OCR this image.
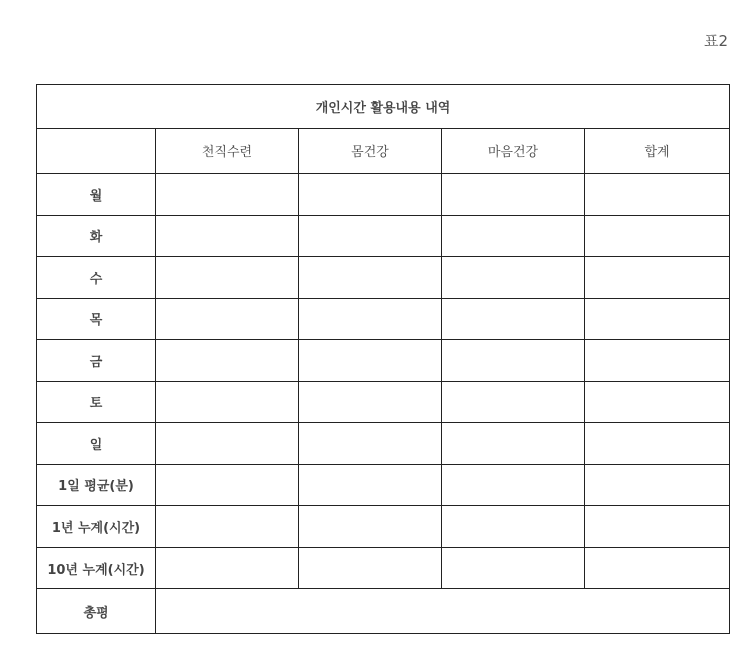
표2
개인시간 활용내용 내역				
	천직수련	몸건강	마음건강	합계
월				
화				
수				
목				
금				
토				
일				
1일 평균(분)				
1년 누계(시간)				
10년 누계(시간)				
총평				
